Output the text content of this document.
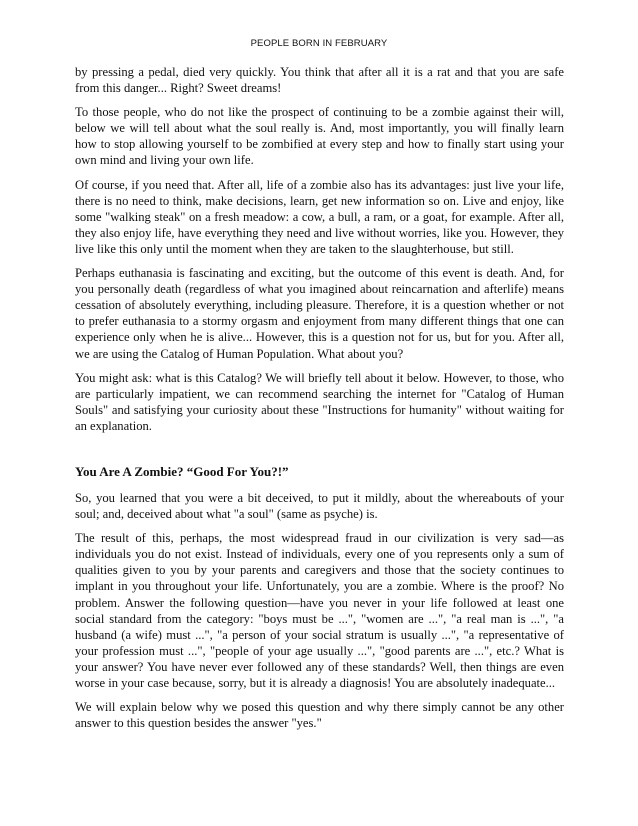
PEOPLE BORN IN FEBRUARY

by pressing a pedal, died very quickly. You think that after all it is a rat and that you are safe from this danger... Right? Sweet dreams!

To those people, who do not like the prospect of continuing to be a zombie against their will, below we will tell about what the soul really is. And, most importantly, you will finally learn how to stop allowing yourself to be zombified at every step and how to finally start using your own mind and living your own life.

Of course, if you need that. After all, life of a zombie also has its advantages: just live your life, there is no need to think, make decisions, learn, get new information so on. Live and enjoy, like some "walking steak" on a fresh meadow: a cow, a bull, a ram, or a goat, for example. After all, they also enjoy life, have everything they need and live without worries, like you. However, they live like this only until the moment when they are taken to the slaughterhouse, but still.

Perhaps euthanasia is fascinating and exciting, but the outcome of this event is death. And, for you personally death (regardless of what you imagined about reincarnation and afterlife) means cessation of absolutely everything, including pleasure. Therefore, it is a question whether or not to prefer euthanasia to a stormy orgasm and enjoyment from many different things that one can experience only when he is alive... However, this is a question not for us, but for you. After all, we are using the Catalog of Human Population. What about you?

You might ask: what is this Catalog? We will briefly tell about it below. However, to those, who are particularly impatient, we can recommend searching the internet for "Catalog of Human Souls" and satisfying your curiosity about these "Instructions for humanity" without waiting for an explanation.

You Are A Zombie? “Good For You?!”

So, you learned that you were a bit deceived, to put it mildly, about the whereabouts of your soul; and, deceived about what "a soul" (same as psyche) is.

The result of this, perhaps, the most widespread fraud in our civilization is very sad—as individuals you do not exist. Instead of individuals, every one of you represents only a sum of qualities given to you by your parents and caregivers and those that the society continues to implant in you throughout your life. Unfortunately, you are a zombie. Where is the proof? No problem. Answer the following question—have you never in your life followed at least one social standard from the category: "boys must be ...", "women are ...", "a real man is ...", "a husband (a wife) must ...", "a person of your social stratum is usually ...", "a representative of your profession must ...", "people of your age usually ...", "good parents are ...", etc.? What is your answer? You have never ever followed any of these standards? Well, then things are even worse in your case because, sorry, but it is already a diagnosis! You are absolutely inadequate...

We will explain below why we posed this question and why there simply cannot be any other answer to this question besides the answer "yes."
